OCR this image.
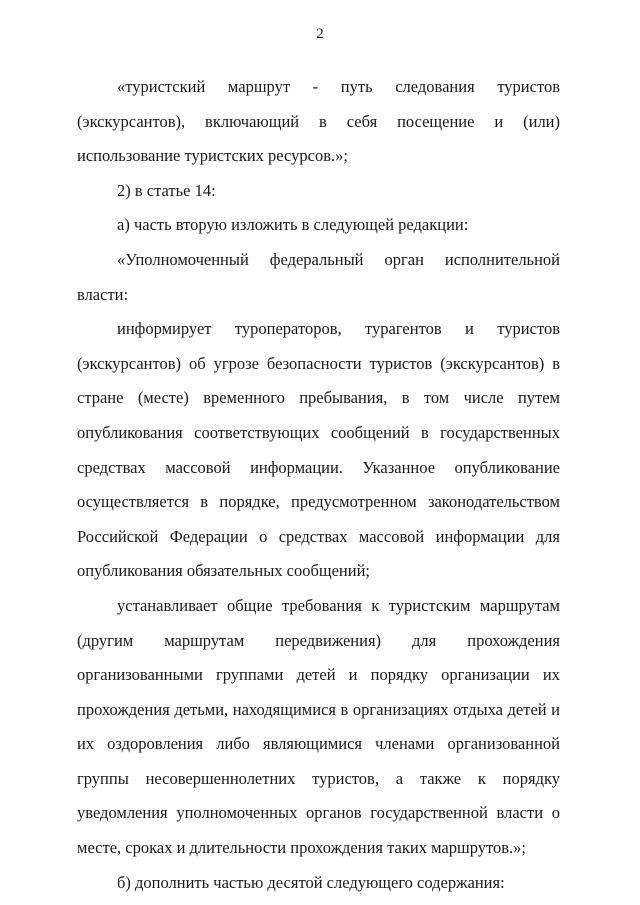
2

«туристский маршрут - путь следования туристов (экскурсантов), включающий в себя посещение и (или) использование туристских ресурсов.»;

2) в статье 14:

а) часть вторую изложить в следующей редакции:

«Уполномоченный федеральный орган исполнительной власти:

информирует туроператоров, турагентов и туристов (экскурсантов) об угрозе безопасности туристов (экскурсантов) в стране (месте) временного пребывания, в том числе путем опубликования соответствующих сообщений в государственных средствах массовой информации. Указанное опубликование осуществляется в порядке, предусмотренном законодательством Российской Федерации о средствах массовой информации для опубликования обязательных сообщений;

устанавливает общие требования к туристским маршрутам (другим маршрутам передвижения) для прохождения организованными группами детей и порядку организации их прохождения детьми, находящимися в организациях отдыха детей и их оздоровления либо являющимися членами организованной группы несовершеннолетних туристов, а также к порядку уведомления уполномоченных органов государственной власти о месте, сроках и длительности прохождения таких маршрутов.»;

б) дополнить частью десятой следующего содержания:
